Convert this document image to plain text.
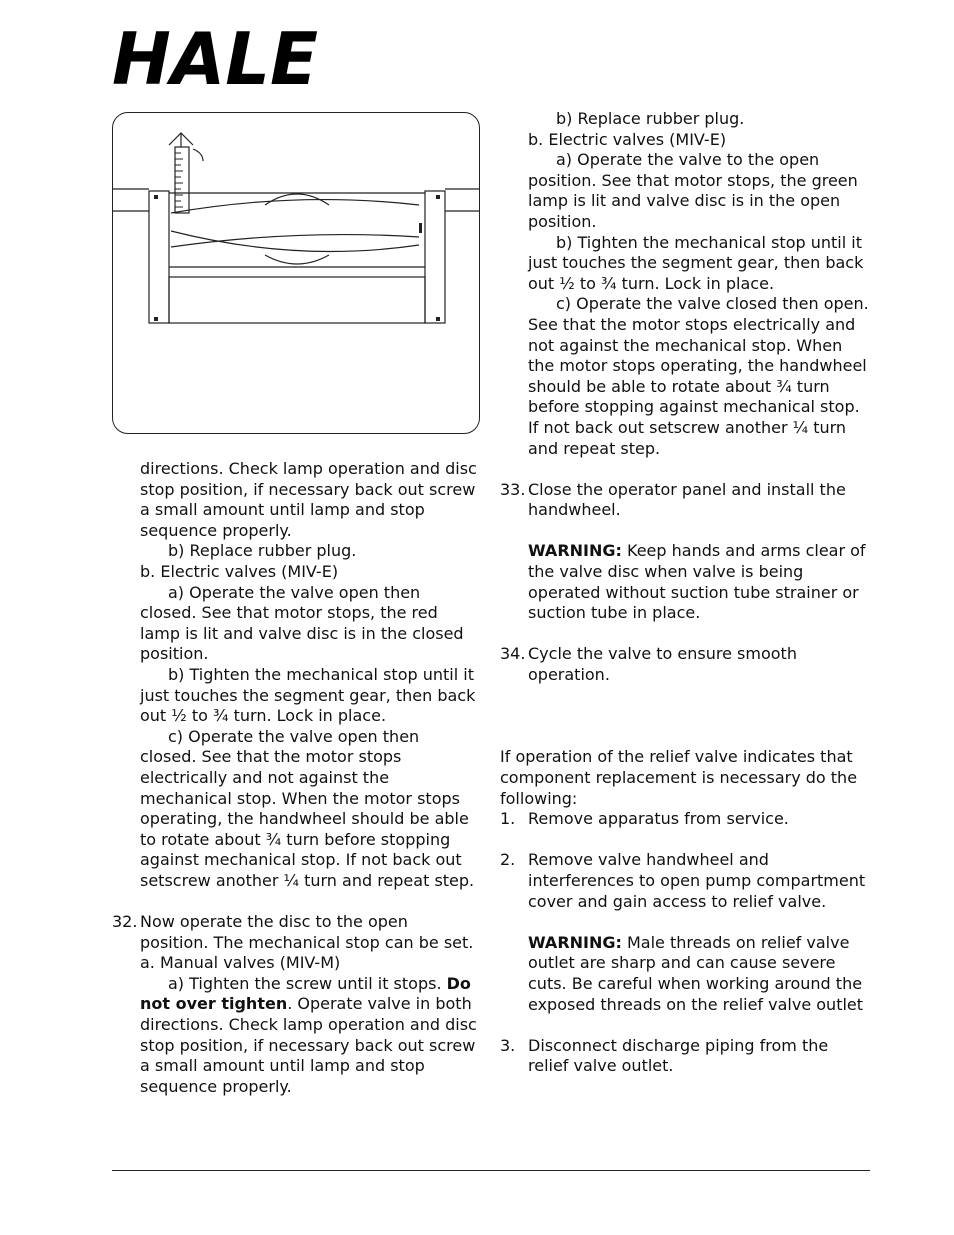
HALE

directions. Check lamp operation and disc stop position, if necessary back out screw a small amount until lamp and stop sequence properly.

b) Replace rubber plug.

b. Electric valves (MIV-E)

a) Operate the valve open then closed. See that motor stops, the red lamp is lit and valve disc is in the closed position.

b) Tighten the mechanical stop until it just touches the segment gear, then back out ½ to ¾ turn. Lock in place.

c) Operate the valve open then closed. See that the motor stops electrically and not against the mechanical stop. When the motor stops operating, the handwheel should be able to rotate about ¾ turn before stopping against mechanical stop. If not back out setscrew another ¼ turn and repeat step.

32. Now operate the disc to the open position. The mechanical stop can be set.

a. Manual valves (MIV-M)

a) Tighten the screw until it stops. Do not over tighten. Operate valve in both directions. Check lamp operation and disc stop position, if necessary back out screw a small amount until lamp and stop sequence properly.

b) Replace rubber plug.

b. Electric valves (MIV-E)

a) Operate the valve to the open position. See that motor stops, the green lamp is lit and valve disc is in the open position.

b) Tighten the mechanical stop until it just touches the segment gear, then back out ½ to ¾ turn. Lock in place.

c) Operate the valve closed then open. See that the motor stops electrically and not against the mechanical stop. When the motor stops operating, the handwheel should be able to rotate about ¾ turn before stopping against mechanical stop. If not back out setscrew another ¼ turn and repeat step.

33. Close the operator panel and install the handwheel.

WARNING: Keep hands and arms clear of the valve disc when valve is being operated without suction tube strainer or suction tube in place.

34. Cycle the valve to ensure smooth operation.

If operation of the relief valve indicates that component replacement is necessary do the following:

1. Remove apparatus from service.

2. Remove valve handwheel and interferences to open pump compartment cover and gain access to relief valve.

WARNING: Male threads on relief valve outlet are sharp and can cause severe cuts. Be careful when working around the exposed threads on the relief valve outlet

3. Disconnect discharge piping from the relief valve outlet.
